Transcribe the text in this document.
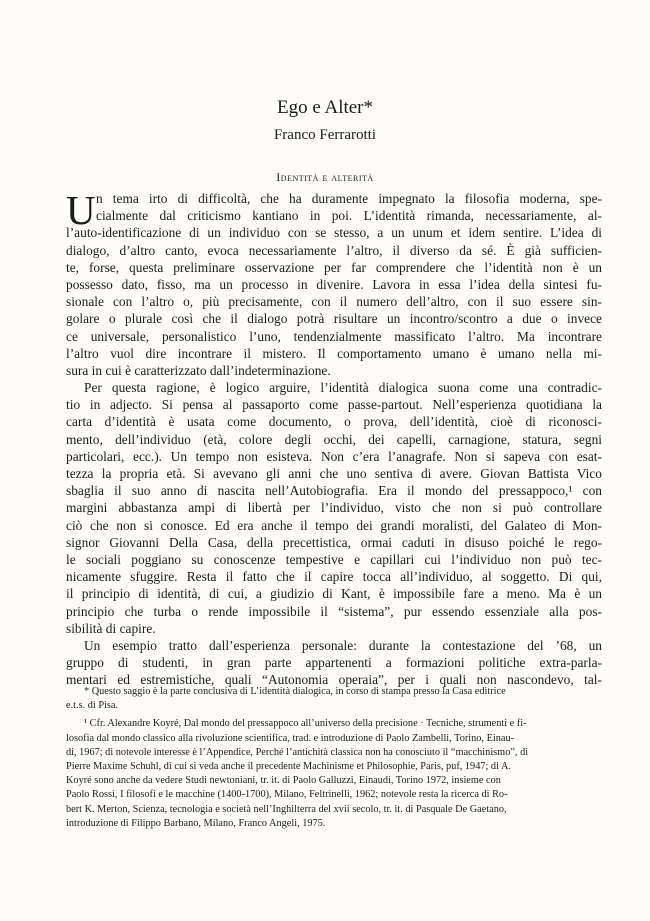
Ego e Alter*
Franco Ferrarotti
Identità e alterità
U n tema irto di difficoltà, che ha duramente impegnato la filosofia moderna, spe-
cialmente dal criticismo kantiano in poi. L’identità rimanda, necessariamente, al-
l’auto-identificazione di un individuo con se stesso, a un unum et idem sentire. L’idea di
dialogo, d’altro canto, evoca necessariamente l’altro, il diverso da sé. È già sufficien-
te, forse, questa preliminare osservazione per far comprendere che l’identità non è un
possesso dato, fisso, ma un processo in divenire. Lavora in essa l’idea della sintesi fu-
sionale con l’altro o, più precisamente, con il numero dell’altro, con il suo essere sin-
golare o plurale così che il dialogo potrà risultare un incontro/scontro a due o invece
ce universale, personalistico l’uno, tendenzialmente massificato l’altro. Ma incontrare
l’altro vuol dire incontrare il mistero. Il comportamento umano è umano nella mi-
sura in cui è caratterizzato dall’indeterminazione.
Per questa ragione, è logico arguire, l’identità dialogica suona come una contradic-
tio in adjecto. Si pensa al passaporto come passe-partout. Nell’esperienza quotidiana la
carta d’identità è usata come documento, o prova, dell’identità, cioè di riconosci-
mento, dell’individuo (età, colore degli occhi, dei capelli, carnagione, statura, segni
particolari, ecc.). Un tempo non esisteva. Non c’era l’anagrafe. Non si sapeva con esat-
tezza la propria età. Si avevano gli anni che uno sentiva di avere. Giovan Battista Vico
sbaglia il suo anno di nascita nell’Autobiografia. Era il mondo del pressappoco,¹ con
margini abbastanza ampi di libertà per l’individuo, visto che non si può controllare
ciò che non si conosce. Ed era anche il tempo dei grandi moralisti, del Galateo di Mon-
signor Giovanni Della Casa, della precettistica, ormai caduti in disuso poiché le rego-
le sociali poggiano su conoscenze tempestive e capillari cui l’individuo non può tec-
nicamente sfuggire. Resta il fatto che il capire tocca all’individuo, al soggetto. Di qui,
il principio di identità, di cui, a giudizio di Kant, è impossibile fare a meno. Ma è un
principio che turba o rende impossibile il “sistema”, pur essendo essenziale alla pos-
sibilità di capire.
Un esempio tratto dall’esperienza personale: durante la contestazione del ’68, un
gruppo di studenti, in gran parte appartenenti a formazioni politiche extra-parla-
mentari ed estremistiche, quali “Autonomia operaia”, per i quali non nascondevo, tal-
* Questo saggio è la parte conclusiva di L’identità dialogica, in corso di stampa presso la Casa editrice
e.t.s. di Pisa.
¹ Cfr. Alexandre Koyré, Dal mondo del pressappoco all’universo della precisione · Tecniche, strumenti e fi-
losofia dal mondo classico alla rivoluzione scientifica, trad. e introduzione di Paolo Zambelli, Torino, Einau-
di, 1967; di notevole interesse è l’Appendice, Perché l’antichità classica non ha conosciuto il “macchinismo”, di
Pierre Maxime Schuhl, di cui si veda anche il precedente Machinisme et Philosophie, Paris, puf, 1947; di A.
Koyré sono anche da vedere Studi newtoniani, tr. it. di Paolo Galluzzi, Einaudi, Torino 1972, insieme con
Paolo Rossi, I filosofi e le macchine (1400-1700), Milano, Feltrinelli, 1962; notevole resta la ricerca di Ro-
bert K. Merton, Scienza, tecnologia e società nell’Inghilterra del xvii secolo, tr. it. di Pasquale De Gaetano,
introduzione di Filippo Barbano, Milano, Franco Angeli, 1975.
